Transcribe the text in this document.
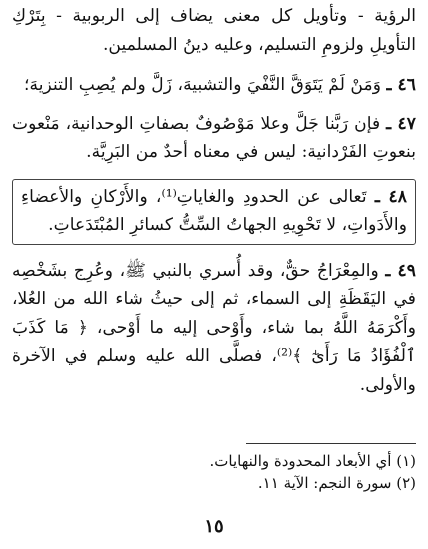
الرؤية - وتأويل كل معنى يضاف إلى الربوبية - بِتَرْكِ التأويلِ ولزومِ التسليم، وعليه دينُ المسلمين.

٤٦ ـ وَمَنْ لَمْ يَتَوَقَّ النَّفْيَ والتشبيهَ، زَلَّ ولم يُصِبِ التنزيهَ؛

٤٧ ـ فإن رَبَّنا جَلَّ وعلا مَوْصُوفٌ بصفاتِ الوحدانية، مَنْعوت بنعوتِ الفَرْدانية: ليس في معناه أحدٌ من البَرِيَّة.

٤٨ ـ تَعالى عن الحدودِ والغاياتِ⁽¹⁾، والأَرْكانِ والأعضاءِ والأَدَواتِ، لا تَحْوِيهِ الجهاتُ السِّتُّ كسائرِ المُبْتَدَعاتِ.

٤٩ ـ والمِعْرَاجُ حقٌّ، وقد أُسري بالنبي ﷺ، وعُرِج بشَخْصِه في اليَقَظَةِ إلى السماء، ثم إلى حيثُ شاء الله من العُلا، وأَكْرَمَهُ اللَّهُ بما شاء، وأَوْحى إليه ما أَوْحى، ﴿ مَا كَذَبَ ٱلْفُؤَادُ مَا رَأَىٰٓ ﴾⁽²⁾، فصلَّى الله عليه وسلم في الآخرة والأولى.

(١) أي الأبعاد المحدودة والنهايات.

(٢) سورة النجم: الآية ١١.

١٥
